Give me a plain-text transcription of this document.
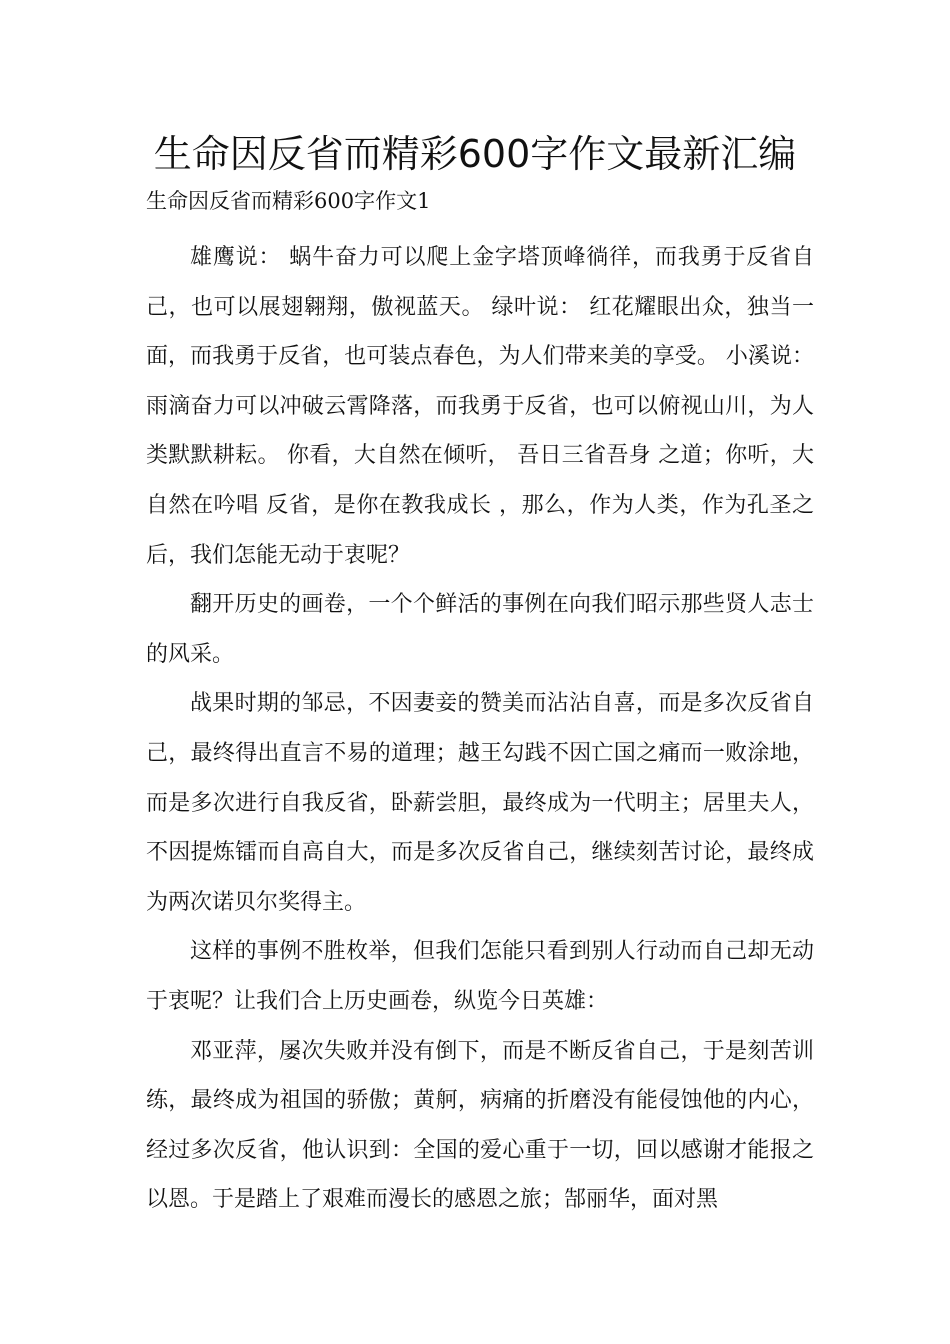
生命因反省而精彩600字作文最新汇编
生命因反省而精彩600字作文1

雄鹰说： 蜗牛奋力可以爬上金字塔顶峰徜徉，而我勇于反省自己，也可以展翅翱翔，傲视蓝天。 绿叶说： 红花耀眼出众，独当一面，而我勇于反省，也可装点春色，为人们带来美的享受。 小溪说： 雨滴奋力可以冲破云霄降落，而我勇于反省，也可以俯视山川，为人类默默耕耘。 你看，大自然在倾听， 吾日三省吾身 之道；你听，大自然在吟唱 反省，是你在教我成长 ，那么，作为人类，作为孔圣之后，我们怎能无动于衷呢？

翻开历史的画卷，一个个鲜活的事例在向我们昭示那些贤人志士的风采。

战果时期的邹忌，不因妻妾的赞美而沾沾自喜，而是多次反省自己，最终得出直言不易的道理；越王勾践不因亡国之痛而一败涂地，而是多次进行自我反省，卧薪尝胆，最终成为一代明主；居里夫人，不因提炼镭而自高自大，而是多次反省自己，继续刻苦讨论，最终成为两次诺贝尔奖得主。

这样的事例不胜枚举，但我们怎能只看到别人行动而自己却无动于衷呢？让我们合上历史画卷，纵览今日英雄：

邓亚萍，屡次失败并没有倒下，而是不断反省自己，于是刻苦训练，最终成为祖国的骄傲；黄舸，病痛的折磨没有能侵蚀他的内心，经过多次反省，他认识到：全国的爱心重于一切，回以感谢才能报之以恩。于是踏上了艰难而漫长的感恩之旅；郜丽华，面对黑
